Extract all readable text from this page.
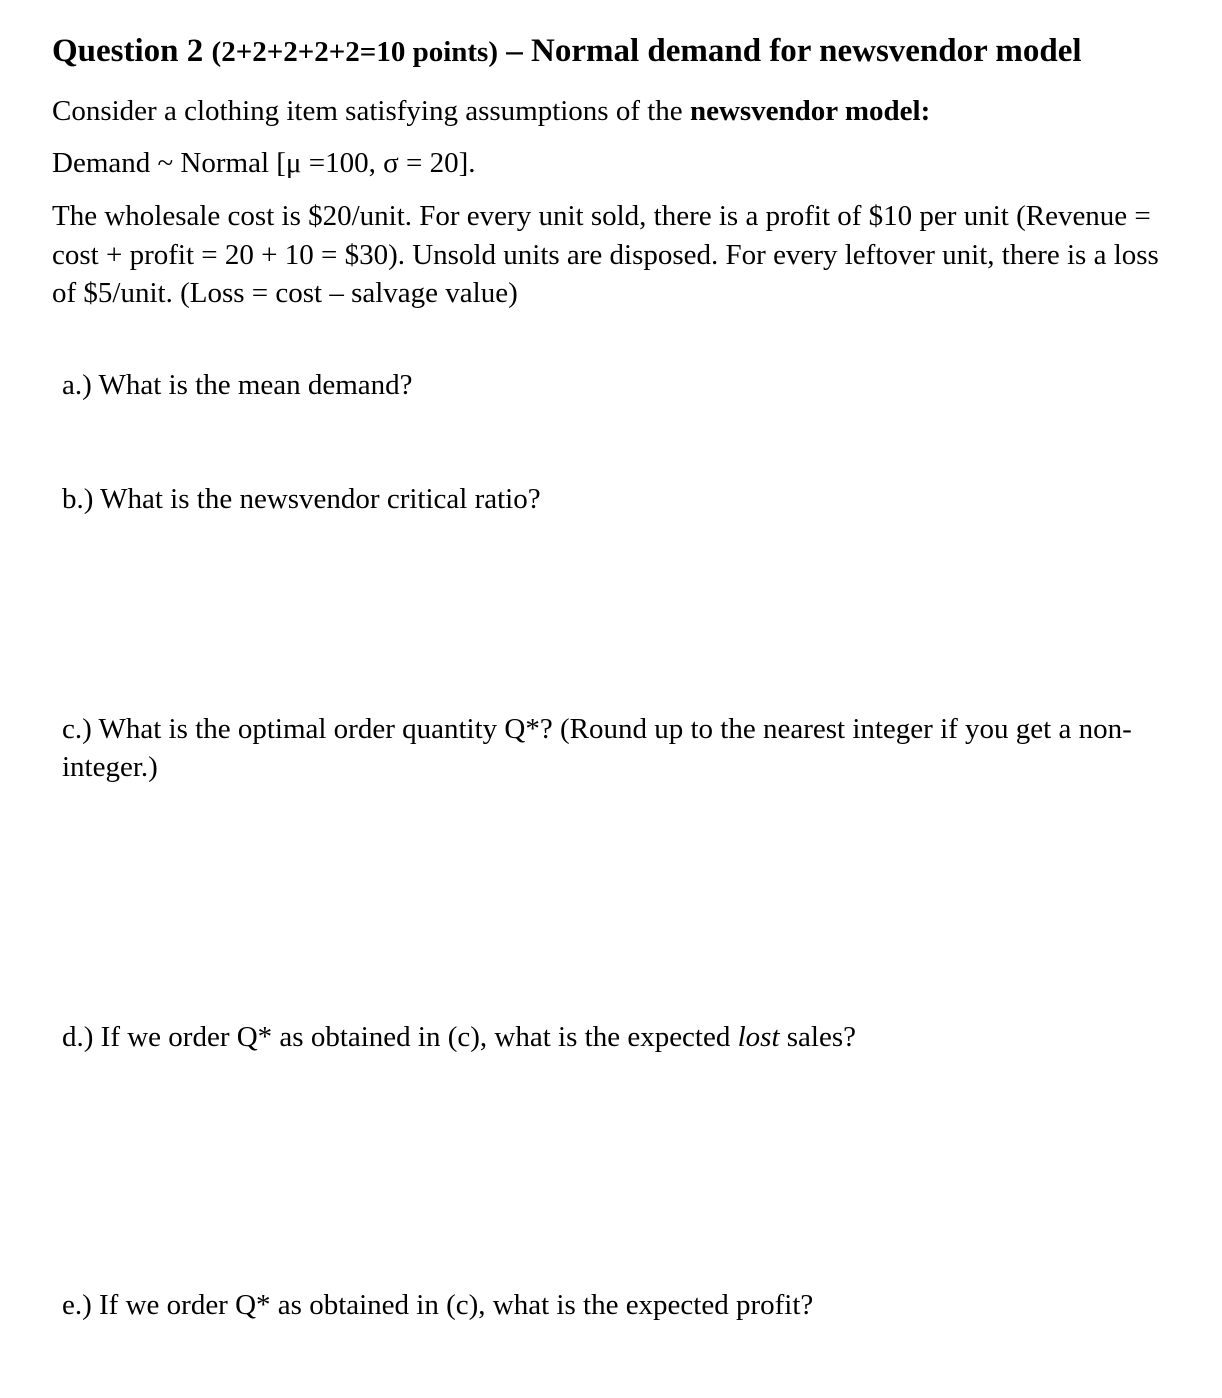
Question 2 (2+2+2+2+2=10 points) – Normal demand for newsvendor model
Consider a clothing item satisfying assumptions of the newsvendor model:
Demand ~ Normal [μ =100, σ = 20].
The wholesale cost is $20/unit. For every unit sold, there is a profit of $10 per unit (Revenue = cost + profit = 20 + 10 = $30). Unsold units are disposed. For every leftover unit, there is a loss of $5/unit. (Loss = cost – salvage value)
a.) What is the mean demand?
b.) What is the newsvendor critical ratio?
c.) What is the optimal order quantity Q*? (Round up to the nearest integer if you get a non-integer.)
d.) If we order Q* as obtained in (c), what is the expected lost sales?
e.) If we order Q* as obtained in (c), what is the expected profit?
